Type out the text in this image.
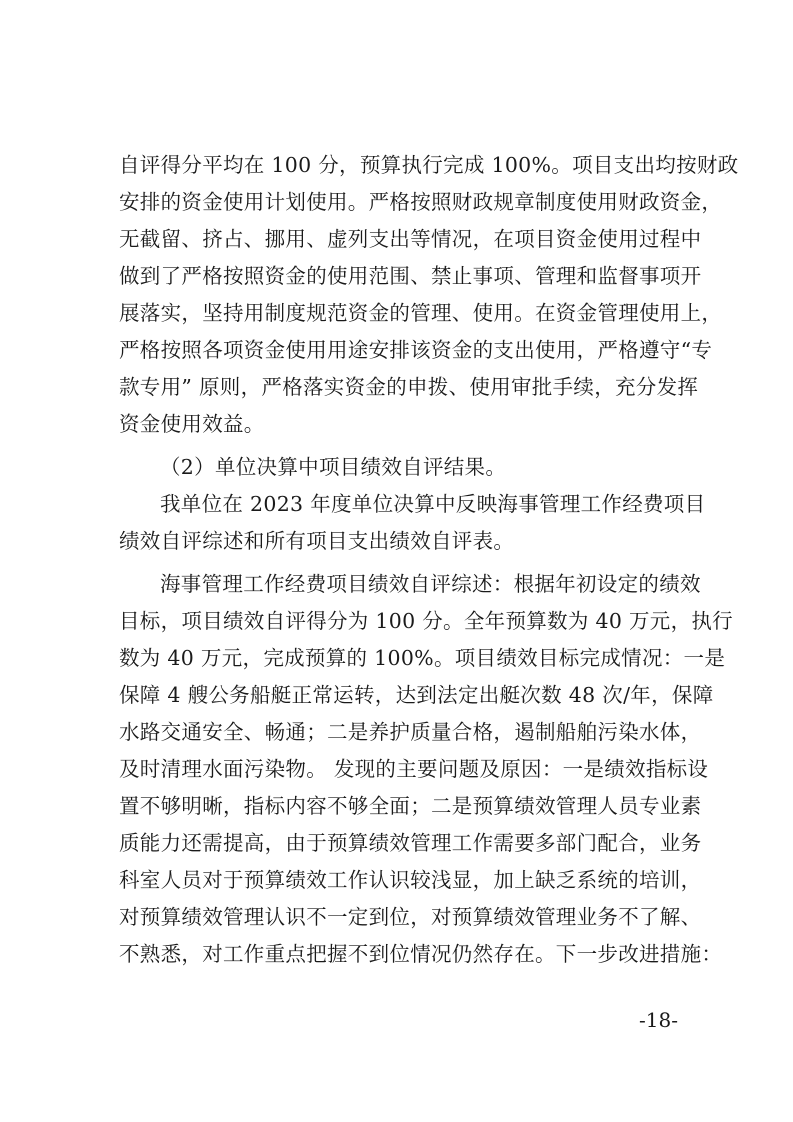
自评得分平均在 100 分，预算执行完成 100%。项目支出均按财政
安排的资金使用计划使用。严格按照财政规章制度使用财政资金，
无截留、挤占、挪用、虚列支出等情况，在项目资金使用过程中
做到了严格按照资金的使用范围、禁止事项、管理和监督事项开
展落实，坚持用制度规范资金的管理、使用。在资金管理使用上，
严格按照各项资金使用用途安排该资金的支出使用，严格遵守“专
款专用” 原则，严格落实资金的申拨、使用审批手续，充分发挥
资金使用效益。
（2）单位决算中项目绩效自评结果。
我单位在 2023 年度单位决算中反映海事管理工作经费项目
绩效自评综述和所有项目支出绩效自评表。
海事管理工作经费项目绩效自评综述：根据年初设定的绩效
目标，项目绩效自评得分为 100 分。全年预算数为 40 万元，执行
数为 40 万元，完成预算的 100%。项目绩效目标完成情况：一是
保障 4 艘公务船艇正常运转，达到法定出艇次数 48 次/年，保障
水路交通安全、畅通；二是养护质量合格，遏制船舶污染水体，
及时清理水面污染物。 发现的主要问题及原因：一是绩效指标设
置不够明晰，指标内容不够全面；二是预算绩效管理人员专业素
质能力还需提高，由于预算绩效管理工作需要多部门配合，业务
科室人员对于预算绩效工作认识较浅显，加上缺乏系统的培训，
对预算绩效管理认识不一定到位，对预算绩效管理业务不了解、
不熟悉，对工作重点把握不到位情况仍然存在。下一步改进措施：
-18-
